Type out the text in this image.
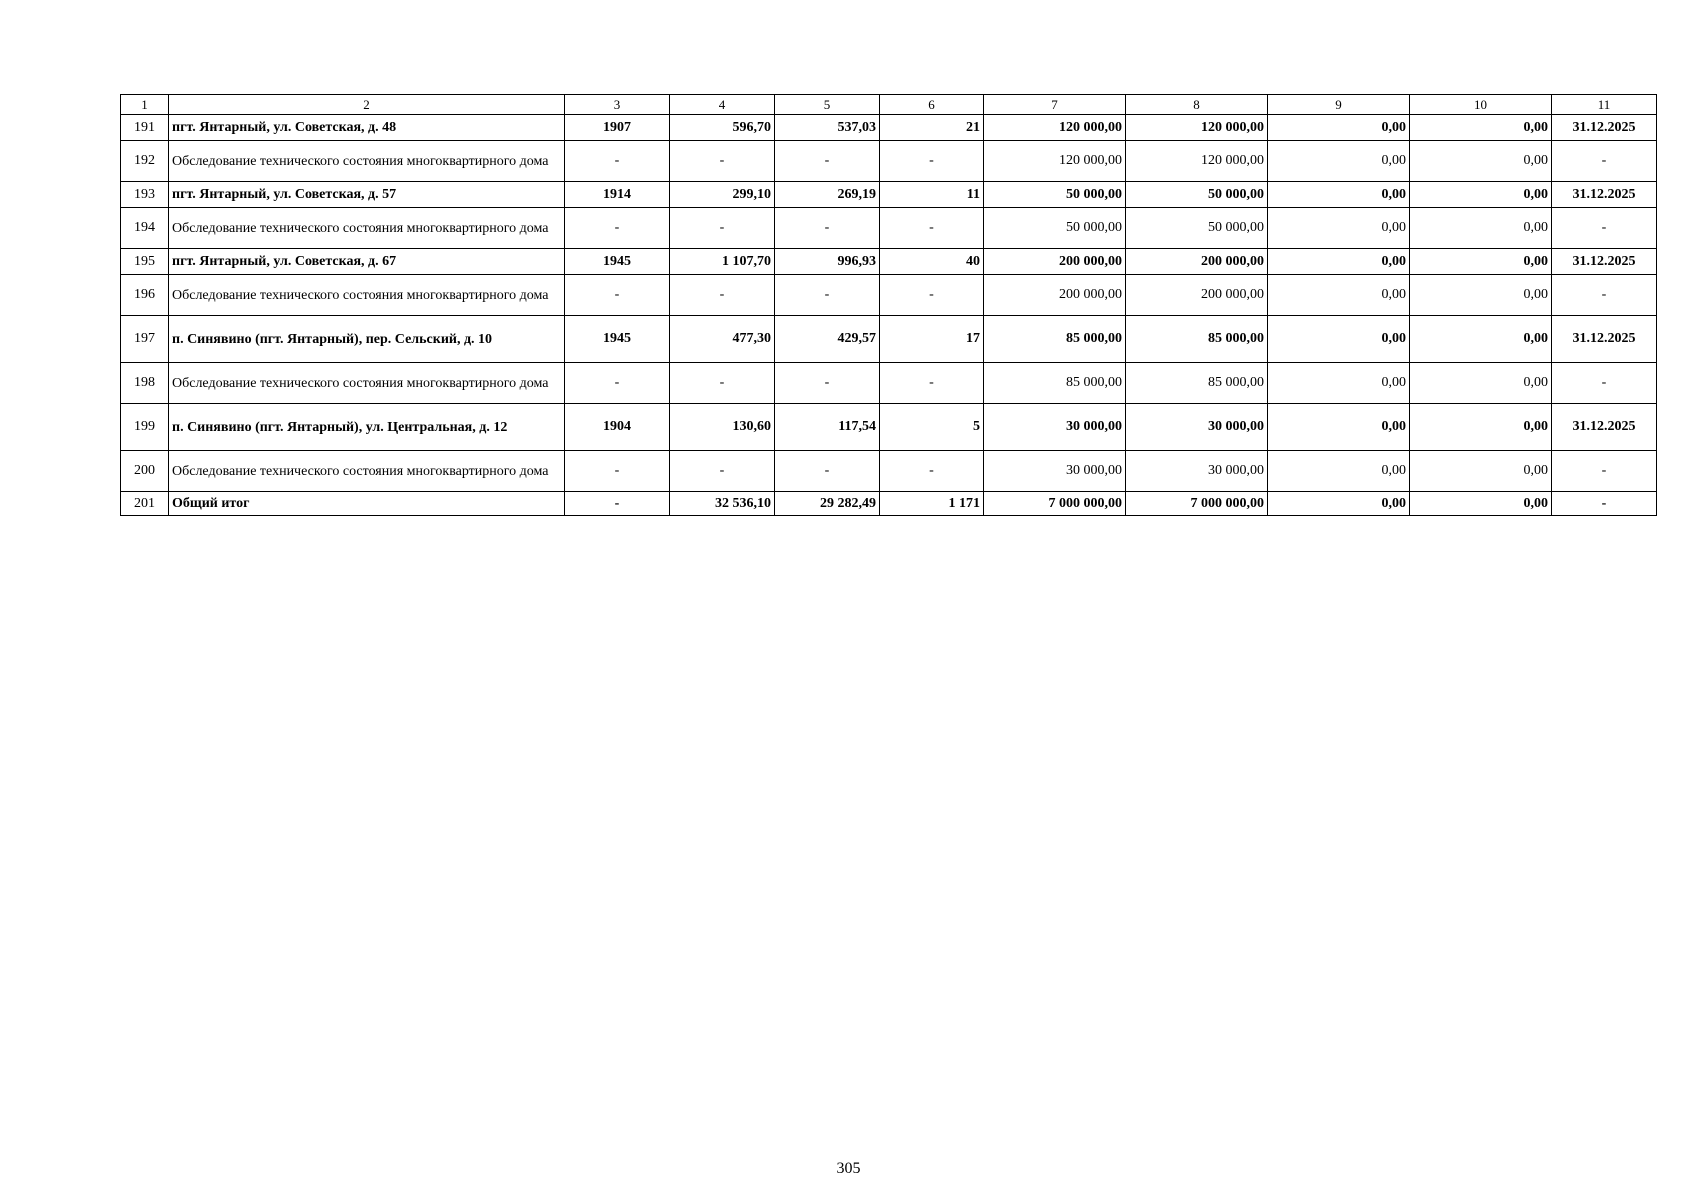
1	2	3	4	5	6	7	8	9	10	11
191	пгт. Янтарный, ул. Советская, д. 48	1907	596,70	537,03	21	120 000,00	120 000,00	0,00	0,00	31.12.2025
192	Обследование технического состояния многоквартирного дома	-	-	-	-	120 000,00	120 000,00	0,00	0,00	-
193	пгт. Янтарный, ул. Советская, д. 57	1914	299,10	269,19	11	50 000,00	50 000,00	0,00	0,00	31.12.2025
194	Обследование технического состояния многоквартирного дома	-	-	-	-	50 000,00	50 000,00	0,00	0,00	-
195	пгт. Янтарный, ул. Советская, д. 67	1945	1 107,70	996,93	40	200 000,00	200 000,00	0,00	0,00	31.12.2025
196	Обследование технического состояния многоквартирного дома	-	-	-	-	200 000,00	200 000,00	0,00	0,00	-
197	п. Синявино (пгт. Янтарный), пер. Сельский, д. 10	1945	477,30	429,57	17	85 000,00	85 000,00	0,00	0,00	31.12.2025
198	Обследование технического состояния многоквартирного дома	-	-	-	-	85 000,00	85 000,00	0,00	0,00	-
199	п. Синявино (пгт. Янтарный), ул. Центральная, д. 12	1904	130,60	117,54	5	30 000,00	30 000,00	0,00	0,00	31.12.2025
200	Обследование технического состояния многоквартирного дома	-	-	-	-	30 000,00	30 000,00	0,00	0,00	-
201	Общий итог	-	32 536,10	29 282,49	1 171	7 000 000,00	7 000 000,00	0,00	0,00	-
305
